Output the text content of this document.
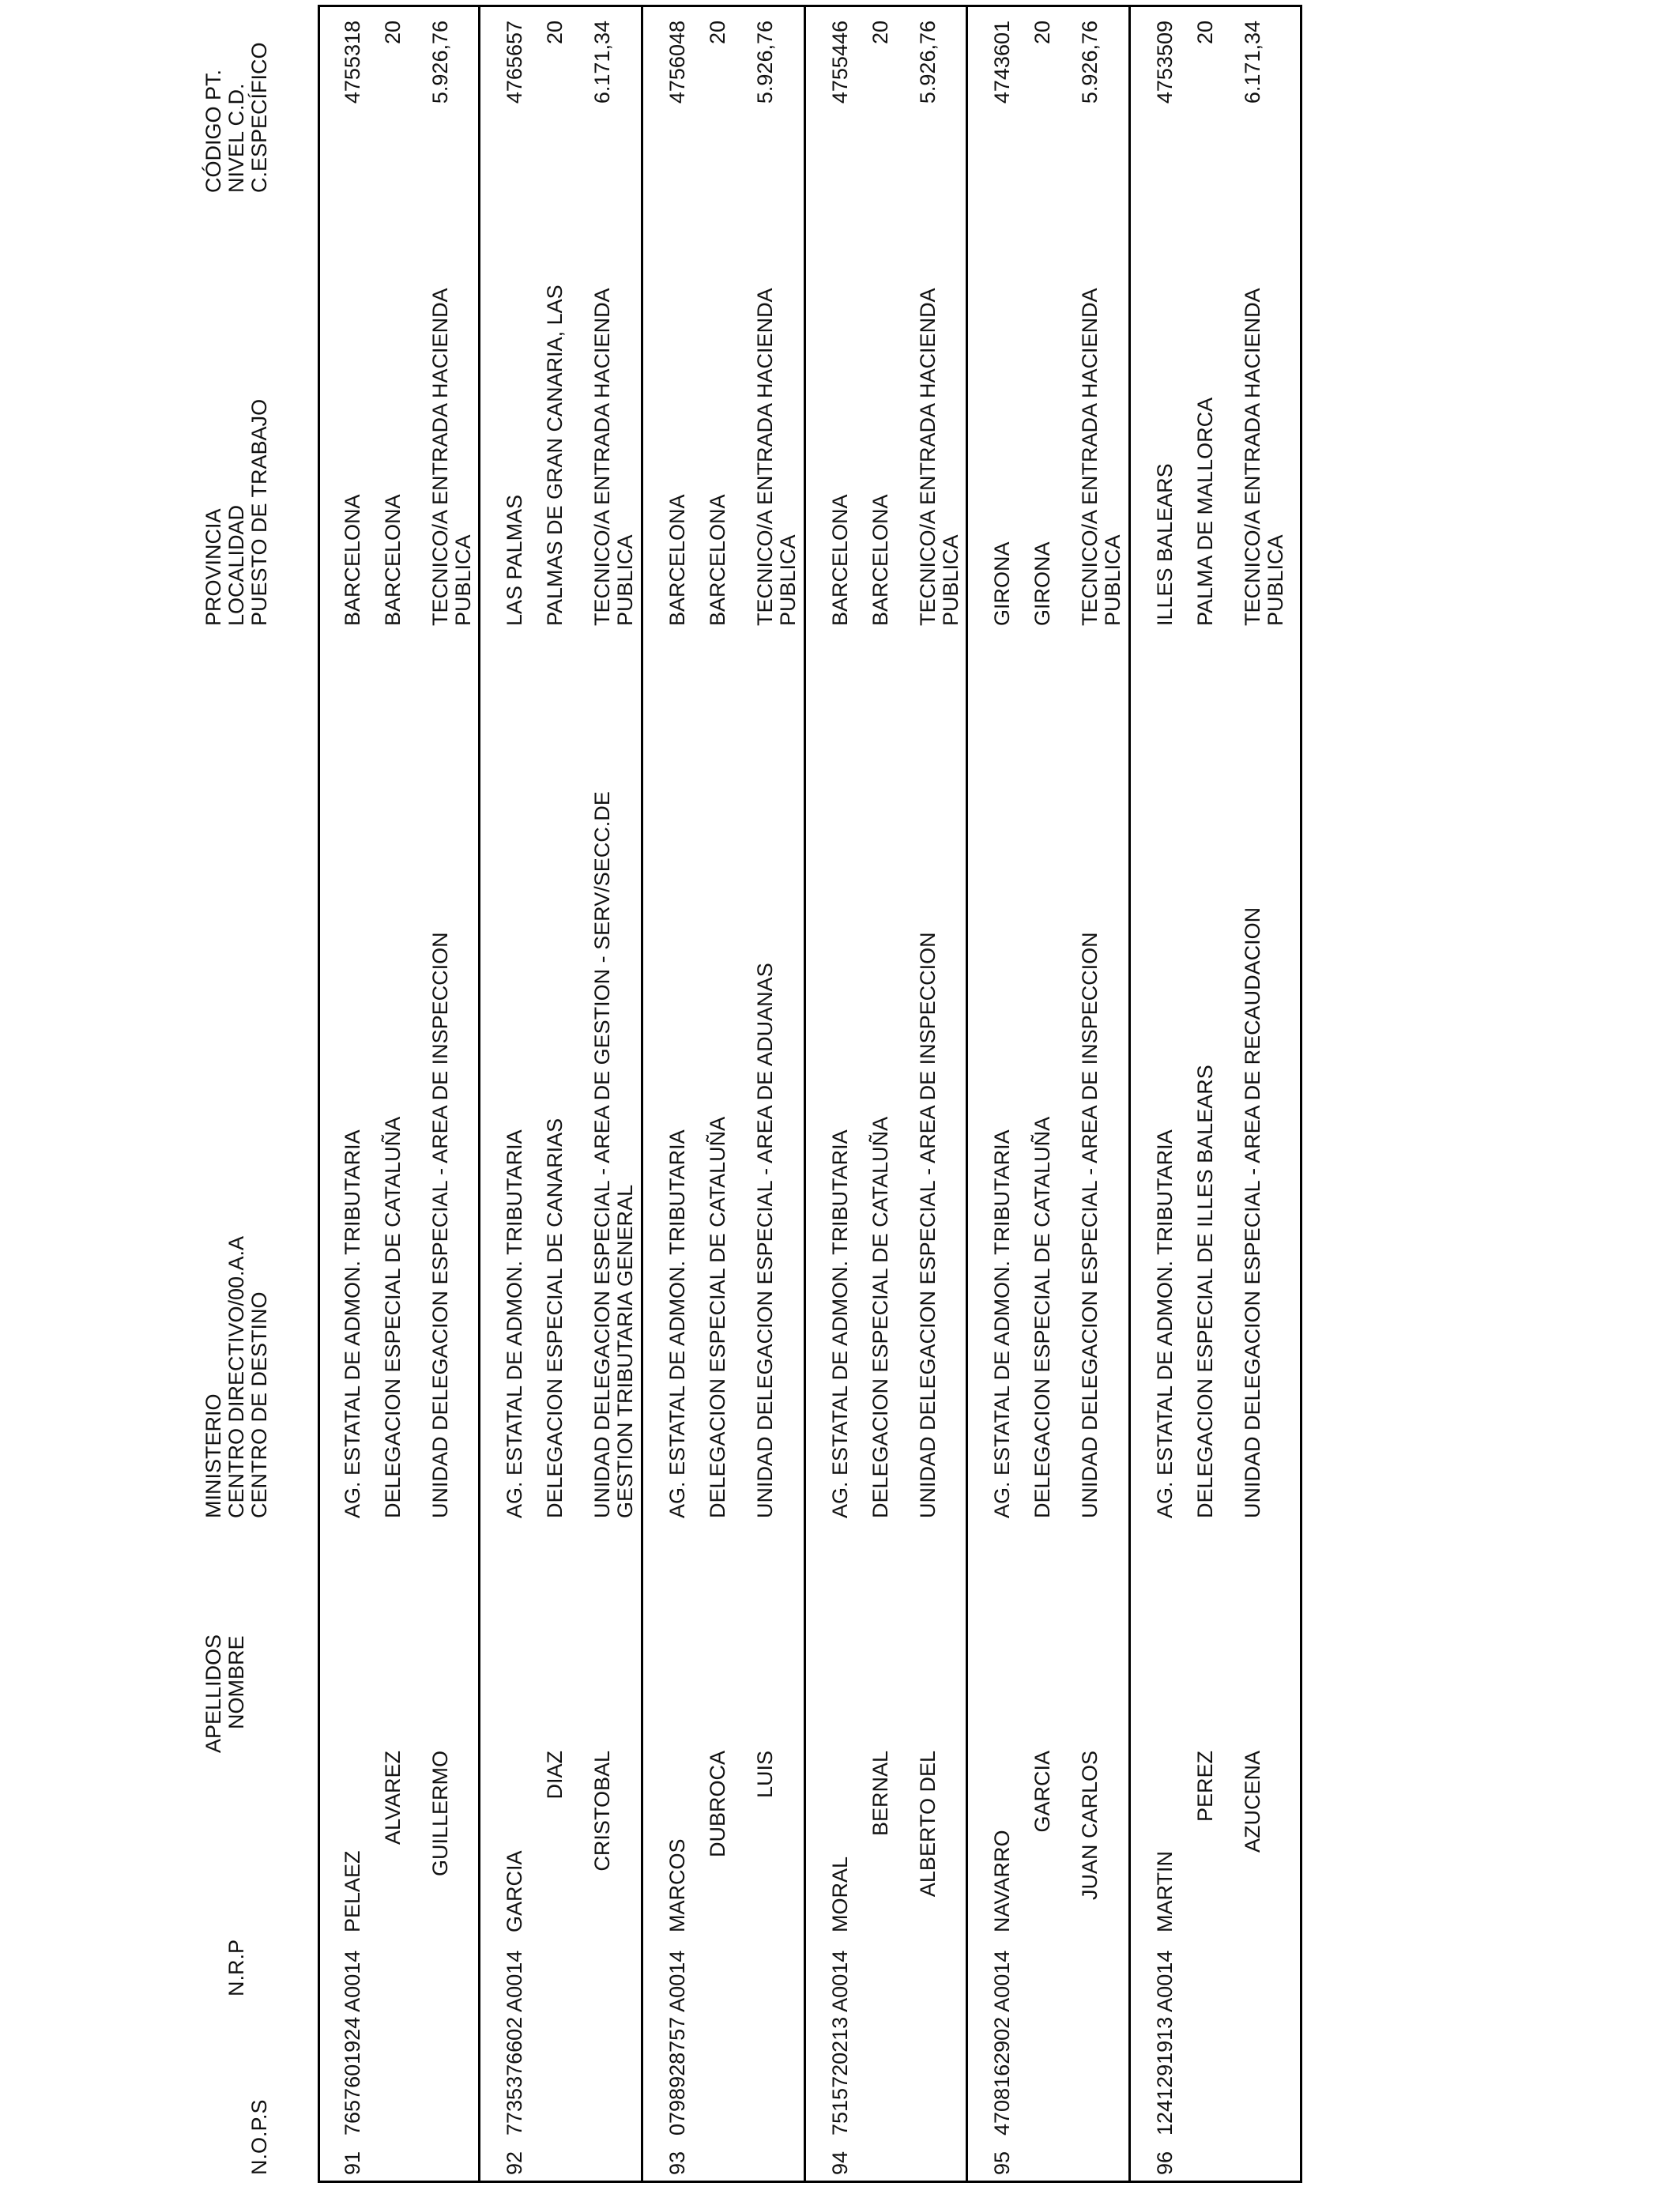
N.O.P.S
N.R.P
APELLIDOS NOMBRE
MINISTERIO CENTRO DIRECTIVO/00.A.A CENTRO DE DESTINO
PROVINCIA LOCALIDAD PUESTO DE TRABAJO
CÓDIGO PT. NIVEL C.D. C.ESPECÍFICO
91
7657601924 A0014
PELAEZ
ALVAREZ GUILLERMO
AG. ESTATAL DE ADMON. TRIBUTARIA DELEGACION ESPECIAL DE CATALUÑA UNIDAD DELEGACION ESPECIAL - AREA DE INSPECCION
BARCELONA BARCELONA TECNICO/A ENTRADA HACIENDA PUBLICA
4755318 20 5.926,76
92
7735376602 A0014
GARCIA
DIAZ CRISTOBAL
AG. ESTATAL DE ADMON. TRIBUTARIA DELEGACION ESPECIAL DE CANARIAS UNIDAD DELEGACION ESPECIAL - AREA DE GESTION - SERV/SECC.DE GESTION TRIBUTARIA GENERAL
LAS PALMAS PALMAS DE GRAN CANARIA, LAS TECNICO/A ENTRADA HACIENDA PUBLICA
4765657 20 6.171,34
93
0798928757 A0014
MARCOS
DUBROCA LUIS
AG. ESTATAL DE ADMON. TRIBUTARIA DELEGACION ESPECIAL DE CATALUÑA UNIDAD DELEGACION ESPECIAL - AREA DE ADUANAS
BARCELONA BARCELONA TECNICO/A ENTRADA HACIENDA PUBLICA
4756048 20 5.926,76
94
7515720213 A0014
MORAL
BERNAL ALBERTO DEL
AG. ESTATAL DE ADMON. TRIBUTARIA DELEGACION ESPECIAL DE CATALUÑA UNIDAD DELEGACION ESPECIAL - AREA DE INSPECCION
BARCELONA BARCELONA TECNICO/A ENTRADA HACIENDA PUBLICA
4755446 20 5.926,76
95
4708162902 A0014
NAVARRO
GARCIA JUAN CARLOS
AG. ESTATAL DE ADMON. TRIBUTARIA DELEGACION ESPECIAL DE CATALUÑA UNIDAD DELEGACION ESPECIAL - AREA DE INSPECCION
GIRONA GIRONA TECNICO/A ENTRADA HACIENDA PUBLICA
4743601 20 5.926,76
96
1241291913 A0014
MARTIN
PEREZ AZUCENA
AG. ESTATAL DE ADMON. TRIBUTARIA DELEGACION ESPECIAL DE ILLES BALEARS UNIDAD DELEGACION ESPECIAL - AREA DE RECAUDACION
ILLES BALEARS PALMA DE MALLORCA TECNICO/A ENTRADA HACIENDA PUBLICA
4753509 20 6.171,34
